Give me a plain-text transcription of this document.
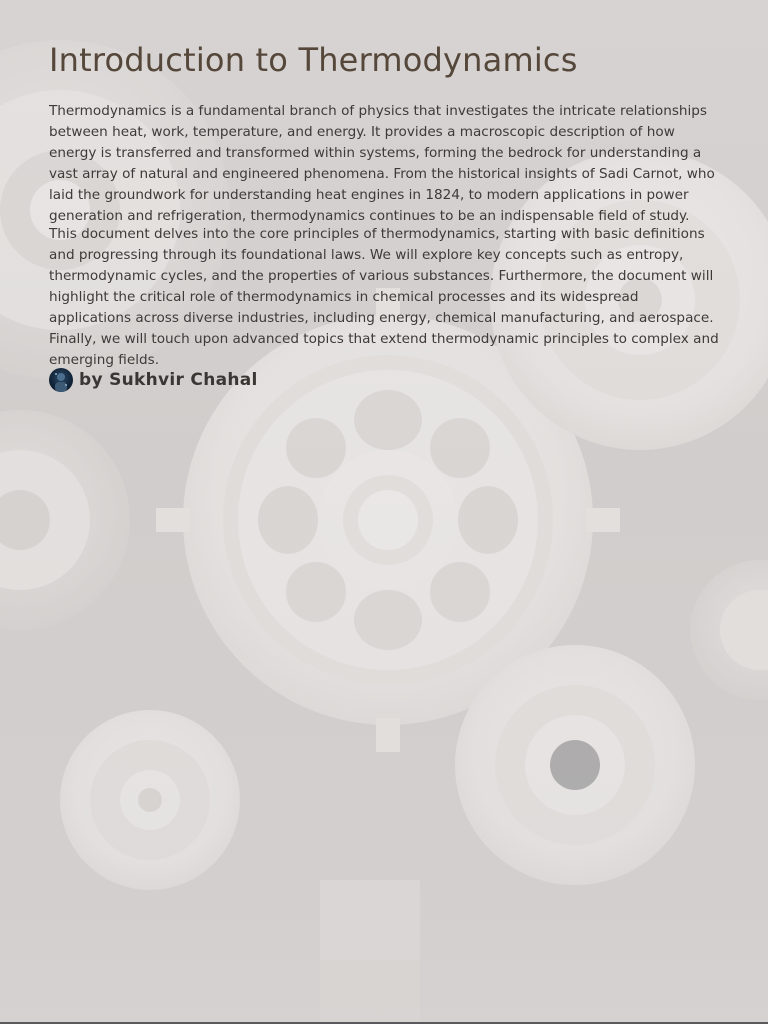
Introduction to Thermodynamics

Thermodynamics is a fundamental branch of physics that investigates the intricate relationships between heat, work, temperature, and energy. It provides a macroscopic description of how energy is transferred and transformed within systems, forming the bedrock for understanding a vast array of natural and engineered phenomena. From the historical insights of Sadi Carnot, who laid the groundwork for understanding heat engines in 1824, to modern applications in power generation and refrigeration, thermodynamics continues to be an indispensable field of study.

This document delves into the core principles of thermodynamics, starting with basic definitions and progressing through its foundational laws. We will explore key concepts such as entropy, thermodynamic cycles, and the properties of various substances. Furthermore, the document will highlight the critical role of thermodynamics in chemical processes and its widespread applications across diverse industries, including energy, chemical manufacturing, and aerospace. Finally, we will touch upon advanced topics that extend thermodynamic principles to complex and emerging fields.

by Sukhvir Chahal
